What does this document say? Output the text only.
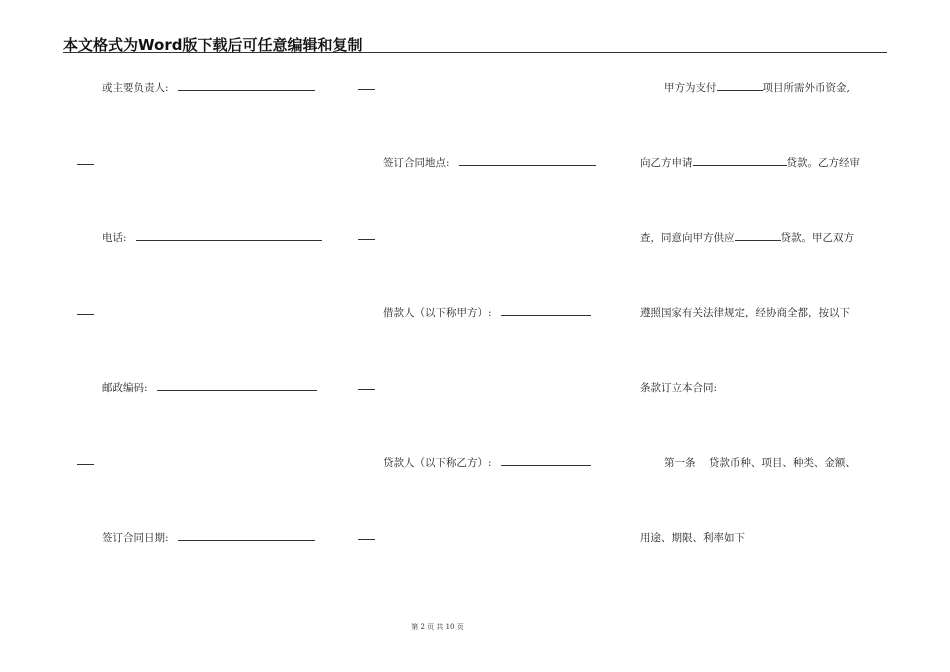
本文格式为Word版下载后可任意编辑和复制
或主要负责人:
电话:
邮政编码:
签订合同日期:
签订合同地点:
借款人（以下称甲方）:
贷款人（以下称乙方）:
甲方为支付	项目所需外币资金,
向乙方申请	贷款。乙方经审
查，同意向甲方供应	贷款。甲乙双方
遵照国家有关法律规定，经协商全都，按以下
条款订立本合同:
第一条 贷款币种、项目、种类、金额、
用途、期限、利率如下
第 2 页 共 10 页
